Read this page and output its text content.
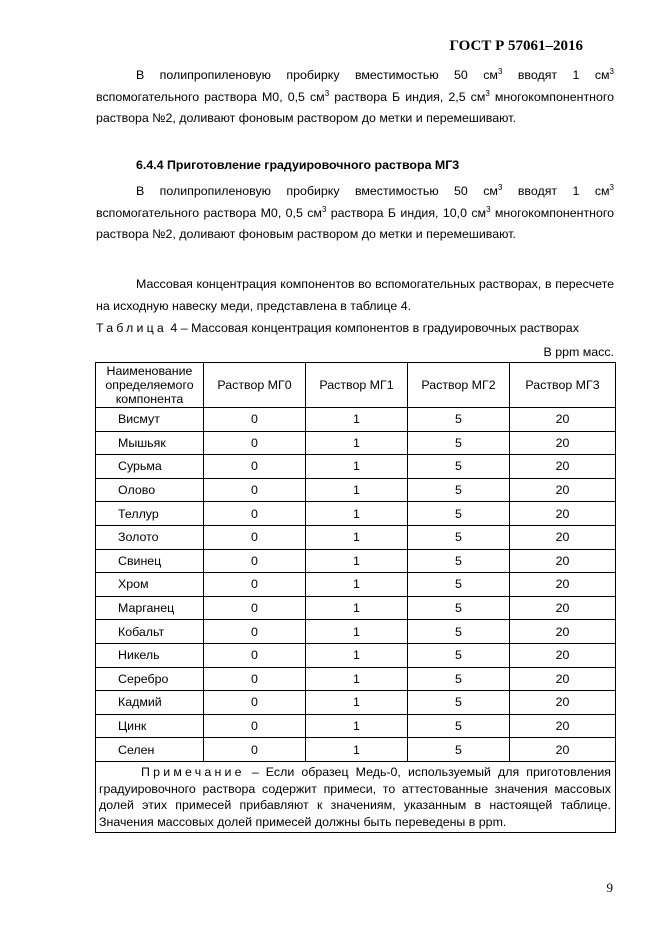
ГОСТ Р 57061–2016

В полипропиленовую пробирку вместимостью 50 $см^3$ вводят 1 $см^3$ вспомогательного раствора М0, 0,5 $см^3$ раствора Б индия, 2,5 $см^3$ многокомпонентного раствора №2, доливают фоновым раствором до метки и перемешивают.

6.4.4 Приготовление градуировочного раствора МГ3

В полипропиленовую пробирку вместимостью 50 $см^3$ вводят 1 $см^3$ вспомогательного раствора М0, 0,5 $см^3$ раствора Б индия, 10,0 $см^3$ многокомпонентного раствора №2, доливают фоновым раствором до метки и перемешивают.

Массовая концентрация компонентов во вспомогательных растворах, в пересчете на исходную навеску меди, представлена в таблице 4.

Таблица 4 – Массовая концентрация компонентов в градуировочных растворах
В ppm масс.
Наименование определяемого компонента	Раствор МГ0	Раствор МГ1	Раствор МГ2	Раствор МГ3
Висмут	0	1	5	20
Мышьяк	0	1	5	20
Сурьма	0	1	5	20
Олово	0	1	5	20
Теллур	0	1	5	20
Золото	0	1	5	20
Свинец	0	1	5	20
Хром	0	1	5	20
Марганец	0	1	5	20
Кобальт	0	1	5	20
Никель	0	1	5	20
Серебро	0	1	5	20
Кадмий	0	1	5	20
Цинк	0	1	5	20
Селен	0	1	5	20
Примечание – Если образец Медь-0, используемый для приготовления градуировочного раствора содержит примеси, то аттестованные значения массовых долей этих примесей прибавляют к значениям, указанным в настоящей таблице. Значения массовых долей примесей должны быть переведены в ppm.				
9
